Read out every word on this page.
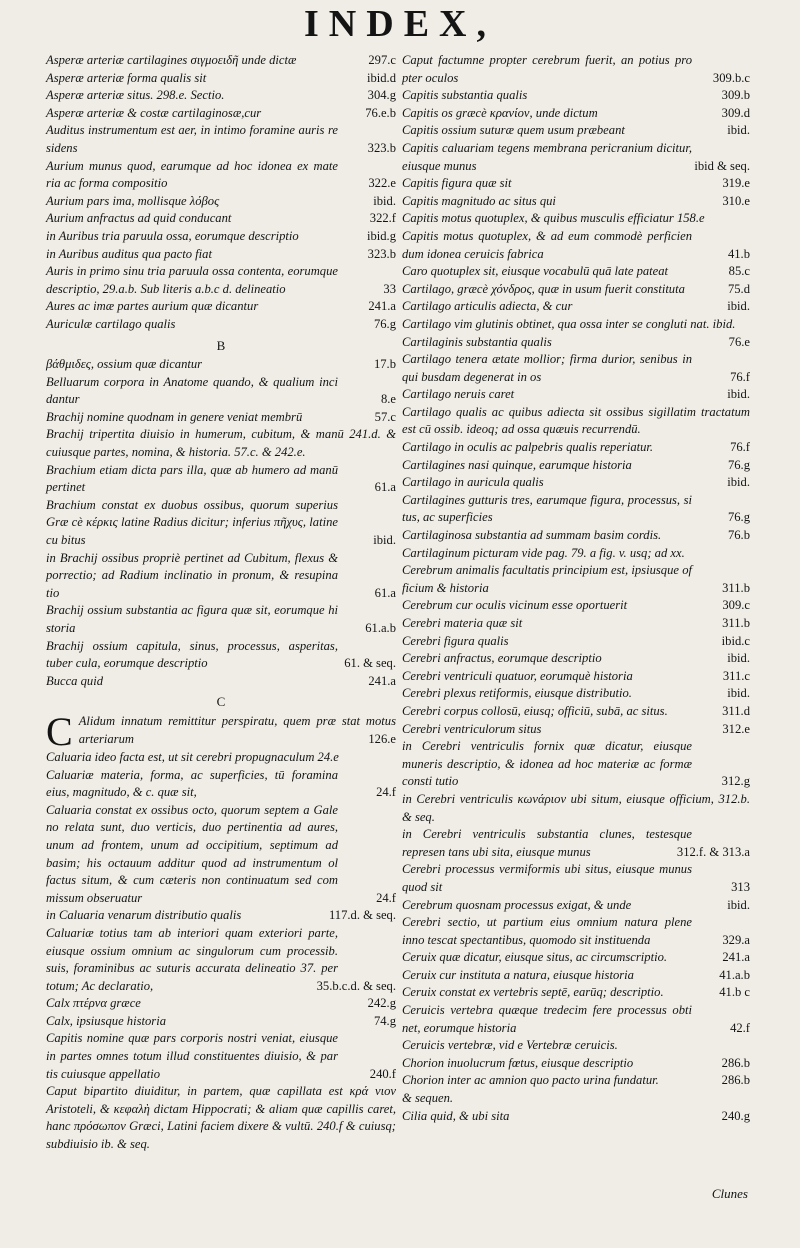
INDEX,
Asperæ arteriæ cartilagines σιγμοειδῆ unde dictæ	297.c
Asperæ arteriæ forma qualis sit	ibid.d
Asperæ arteriæ situs. 298.e. Sectio.	304.g
Asperæ arteriæ & costæ cartilaginosæ,cur	76.e.b
Auditus instrumentum est aer, in intimo foramine auris re sidens	323.b
Aurium munus quod, earumque ad hoc idonea ex mate ria ac forma compositio	322.e
Aurium pars ima, mollisque λόβος	ibid.
Aurium anfractus ad quid conducant	322.f
in Auribus tria paruula ossa, eorumque descriptio	ibid.g
in Auribus auditus qua pacto fiat	323.b
Auris in primo sinu tria paruula ossa contenta, eorumque descriptio, 29.a.b. Sub literis a.b.c d. delineatio	33
Aures ac imæ partes aurium quæ dicantur	241.a
Auriculæ cartilago qualis	76.g
B
βάθμιδες, ossium quæ dicantur	17.b
Belluarum corpora in Anatome quando, & qualium inci dantur	8.e
Brachij nomine quodnam in genere veniat membrū	57.c
Brachij tripertita diuisio in humerum, cubitum, & manū 241.d. & cuiusque partes, nomina, & historia. 57.c. & 242.e.
Brachium etiam dicta pars illa, quæ ab humero ad manū pertinet	61.a
Brachium constat ex duobus ossibus, quorum superius Græ cè κέρκις latine Radius dicitur; inferius πῆχυς, latine cu bitus	ibid.
in Brachij ossibus propriè pertinet ad Cubitum, flexus & porrectio; ad Radium inclinatio in pronum, & resupina tio	61.a
Brachij ossium substantia ac figura quæ sit, eorumque hi storia	61.a.b
Brachij ossium capitula, sinus, processus, asperitas, tuber cula, eorumque descriptio	61. & seq.
Bucca quid	241.a
C
C Alidum innatum remittitur perspiratu, quem præ stat motus arteriarum	126.e
Caluaria ideo facta est, ut sit cerebri propugnaculum 24.e
Caluariæ materia, forma, ac superficies, tū foramina eius, magnitudo, & c. quæ sit,	24.f
Caluaria constat ex ossibus octo, quorum septem a Gale no relata sunt, duo verticis, duo pertinentia ad aures, unum ad frontem, unum ad occipitium, septimum ad basim; his octauum additur quod ad instrumentum ol factus situm, & cum cæteris non continuatum sed com missum obseruatur	24.f
in Caluaria venarum distributio qualis	117.d. & seq.
Caluariæ totius tam ab interiori quam exteriori parte, eiusque ossium omnium ac singulorum cum processib. suis, foraminibus ac suturis accurata delineatio 37. per totum; Ac declaratio,	35.b.c.d. & seq.
Calx πτέρνα græce	242.g
Calx, ipsiusque historia	74.g
Capitis nomine quæ pars corporis nostri veniat, eiusque in partes omnes totum illud constituentes diuisio, & par tis cuiusque appellatio	240.f
Caput bipartito diuiditur, in partem, quæ capillata est κρά νιον Aristoteli, & κεφαλὴ dictam Hippocrati; & aliam quæ capillis caret, hanc πρόσωπον Græci, Latini faciem dixere & vultū. 240.f & cuiusq; subdiuisio ib. & seq.
Caput factumne propter cerebrum fuerit, an potius pro pter oculos	309.b.c
Capitis substantia qualis	309.b
Capitis os græcè κρανίον, unde dictum	309.d
Capitis ossium suturæ quem usum præbeant	ibid.
Capitis caluariam tegens membrana pericranium dicitur, eiusque munus	ibid & seq.
Capitis figura quæ sit	319.e
Capitis magnitudo ac situs qui	310.e
Capitis motus quotuplex, & quibus musculis efficiatur 158.e
Capitis motus quotuplex, & ad eum commodè perficien dum idonea ceruicis fabrica	41.b
Caro quotuplex sit, eiusque vocabulū quā late pateat	85.c
Cartilago, græcè χόνδρος, quæ in usum fuerit constituta	75.d
Cartilago articulis adiecta, & cur	ibid.
Cartilago vim glutinis obtinet, qua ossa inter se congluti nat. ibid.
Cartilaginis substantia qualis	76.e
Cartilago tenera ætate mollior; firma durior, senibus in qui busdam degenerat in os	76.f
Cartilago neruis caret	ibid.
Cartilago qualis ac quibus adiecta sit ossibus sigillatim tractatum est cū ossib. ideoq; ad ossa quæuis recurrendū.
Cartilago in oculis ac palpebris qualis reperiatur.	76.f
Cartilagines nasi quinque, earumque historia	76.g
Cartilago in auricula qualis	ibid.
Cartilagines gutturis tres, earumque figura, processus, si tus, ac superficies	76.g
Cartilaginosa substantia ad summam basim cordis.	76.b
Cartilaginum picturam vide pag. 79. a fig. v. usq; ad xx.
Cerebrum animalis facultatis principium est, ipsiusque of ficium & historia	311.b
Cerebrum cur oculis vicinum esse oportuerit	309.c
Cerebri materia quæ sit	311.b
Cerebri figura qualis	ibid.c
Cerebri anfractus, eorumque descriptio	ibid.
Cerebri ventriculi quatuor, eorumquè historia	311.c
Cerebri plexus retiformis, eiusque distributio.	ibid.
Cerebri corpus collosū, eiusq; officiū, subā, ac situs.	311.d
Cerebri ventriculorum situs	312.e
in Cerebri ventriculis fornix quæ dicatur, eiusque muneris descriptio, & idonea ad hoc materiæ ac formæ consti tutio	312.g
in Cerebri ventriculis κωνάριον ubi situm, eiusque officium, 312.b. & seq.
in Cerebri ventriculis substantia clunes, testesque represen tans ubi sita, eiusque munus	312.f. & 313.a
Cerebri processus vermiformis ubi situs, eiusque munus quod sit	313
Cerebrum quosnam processus exigat, & unde	ibid.
Cerebri sectio, ut partium eius omnium natura plene inno tescat spectantibus, quomodo sit instituenda	329.a
Ceruix quæ dicatur, eiusque situs, ac circumscriptio.	241.a
Ceruix cur instituta a natura, eiusque historia	41.a.b
Ceruix constat ex vertebris septē, earūq; descriptio.	41.b c
Ceruicis vertebra quæque tredecim fere processus obti net, eorumque historia	42.f
Ceruicis vertebræ, vid e Vertebræ ceruicis.
Chorion inuolucrum fœtus, eiusque descriptio	286.b
Chorion inter ac amnion quo pacto urina fundatur.	286.b
& sequen.
Cilia quid, & ubi sita	240.g
Clunes
